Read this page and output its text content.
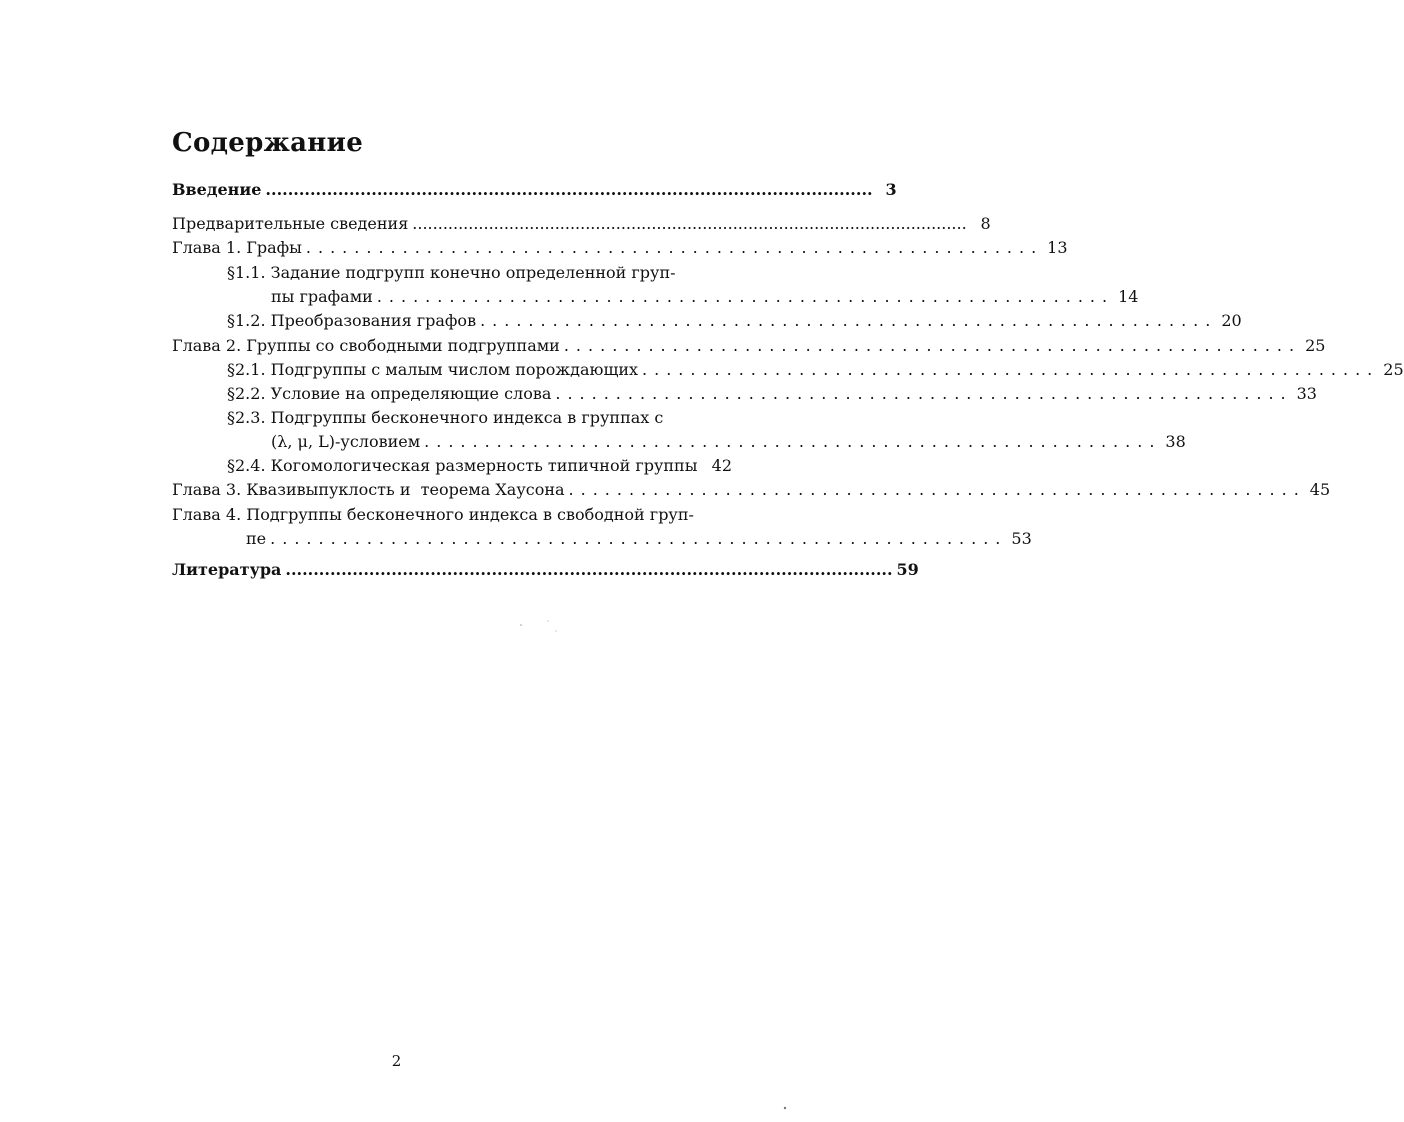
Содержание
Введение ............................................................................................................. 3
Предварительные сведения ............................................................................................................. 8
Глава 1. Графы ............................................................. 13
§1.1. Задание подгрупп конечно определенной груп-
пы графами ............................................................. 14
§1.2. Преобразования графов ............................................................. 20
Глава 2. Группы со свободными подгруппами ............................................................. 25
§2.1. Подгруппы с малым числом порождающих ............................................................. 25
§2.2. Условие на определяющие слова ............................................................. 33
§2.3. Подгруппы бесконечного индекса в группах с
(λ, μ, L)-условием ............................................................. 38
§2.4. Когомологическая размерность типичной группы 42
Глава 3. Квазивыпуклость и  теорема Хаусона ............................................................. 45
Глава 4. Подгруппы бесконечного индекса в свободной груп-
пе ............................................................. 53
Литература ............................................................................................................. 59
2
